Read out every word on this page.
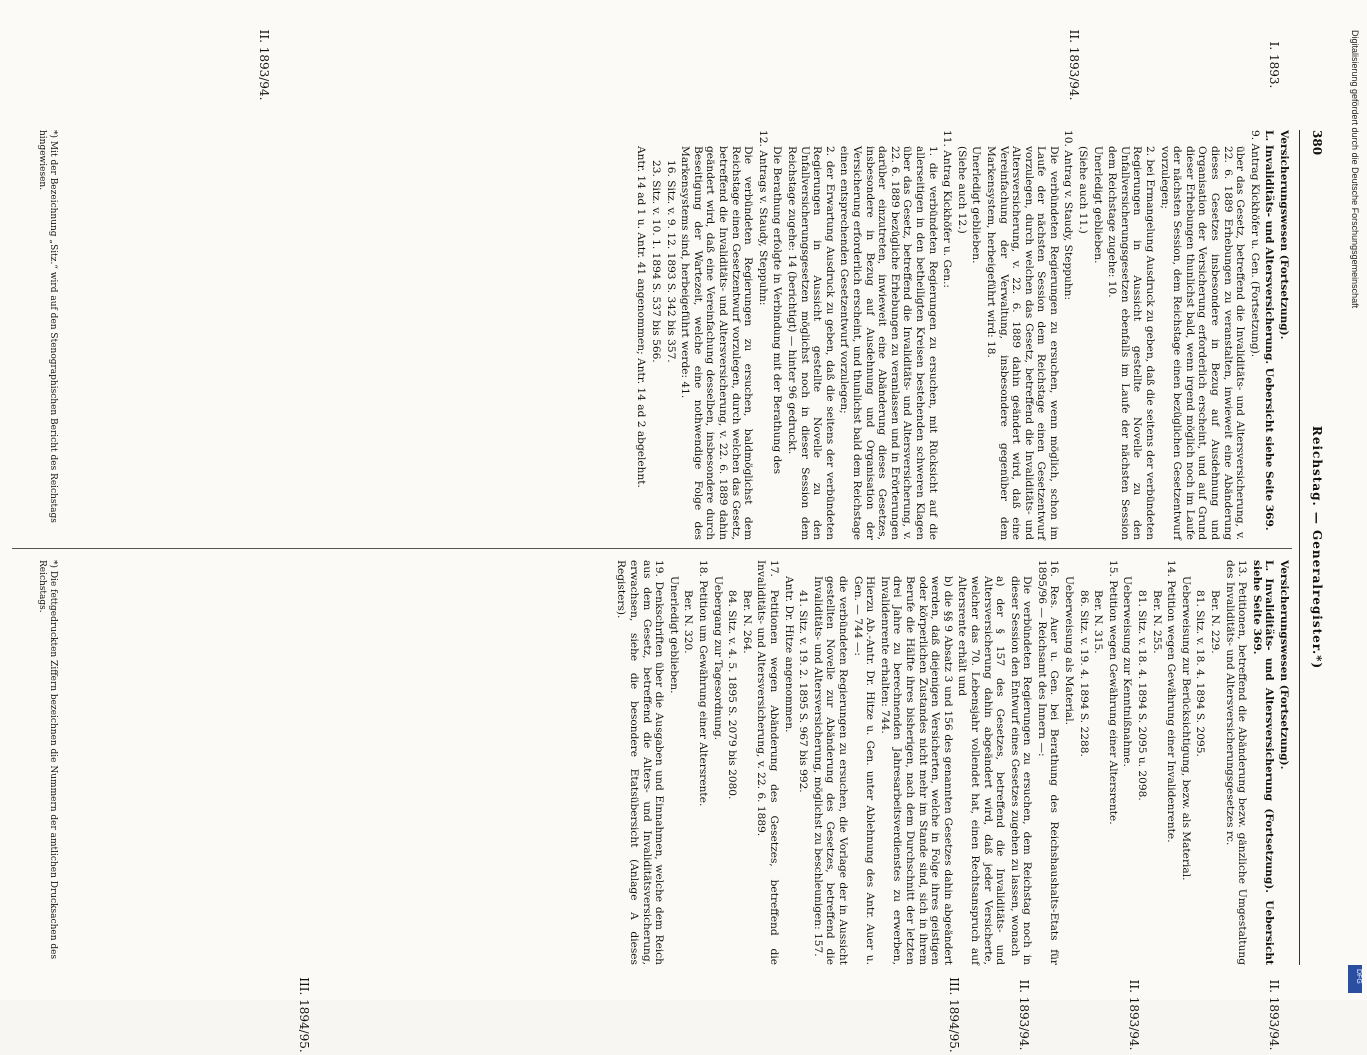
380
Reichstag. — Generalregister.*)
I. 1893.
II. 1893/94.
II. 1893/94.

Versicherungswesen (Fortsetzung).

L. Invaliditäts- und Altersversicherung. Uebersicht siehe Seite 369.

9. Antrag Kickhöfer u. Gen. (Fortsetzung).

über das Gesetz, betreffend die Invaliditäts- und Altersversicherung, v. 22. 6. 1889 Erhebungen zu veranstalten, inwieweit eine Abänderung dieses Gesetzes insbesondere in Bezug auf Ausdehnung und Organisation der Versicherung erforderlich erscheint, und auf Grund dieser Erhebungen thunlichst bald, wenn irgend möglich noch im Laufe der nächsten Session, dem Reichstage einen bezüglichen Gesetzentwurf vorzulegen;

2. bei Ermangelung Ausdruck zu geben, daß die seitens der verbündeten Regierungen in Aussicht gestellte Novelle zu den Unfallversicherungsgesetzen ebenfalls im Laufe der nächsten Session dem Reichstage zugehe: 10.

Unerledigt geblieben.

(Siehe auch 11.)

10. Antrag v. Staudy, Steppuhn:

Die verbündeten Regierungen zu ersuchen, wenn möglich, schon im Laufe der nächsten Session dem Reichstage einen Gesetzentwurf vorzulegen, durch welchen das Gesetz, betreffend die Invaliditäts- und Altersversicherung, v. 22. 6. 1889 dahin geändert wird, daß eine Vereinfachung der Verwaltung, insbesondere gegenüber dem Markensystem, herbeigeführt wird: 18.

Unerledigt geblieben.

(Siehe auch 12.)

11. Antrag Kickhöfer u. Gen.:

1. die verbündeten Regierungen zu ersuchen, mit Rücksicht auf die allerseitigen in den betheiligten Kreisen bestehenden schweren Klagen über das Gesetz, betreffend die Invaliditäts- und Altersversicherung, v. 22. 6. 1889 bezügliche Erhebungen zu veranlassen und in Erörterungen darüber einzutreten, inwieweit eine Abänderung dieses Gesetzes, insbesondere in Bezug auf Ausdehnung und Organisation der Versicherung erforderlich erscheint, und thunlichst bald dem Reichstage einen entsprechenden Gesetzentwurf vorzulegen;

2. der Erwartung Ausdruck zu geben, daß die seitens der verbündeten Regierungen in Aussicht gestellte Novelle zu den Unfallversicherungsgesetzen möglichst noch in dieser Session dem Reichstage zugehe: 14 (berichtigt) — hinter 96 gedruckt.

Die Berathung erfolgte in Verbindung mit der Berathung des

12. Antrags v. Staudy, Steppuhn:

Die verbündeten Regierungen zu ersuchen, baldmöglichst dem Reichstage einen Gesetzentwurf vorzulegen, durch welchen das Gesetz, betreffend die Invaliditäts- und Altersversicherung, v. 22. 6. 1889 dahin geändert wird, daß eine Vereinfachung desselben, insbesondere durch Beseitigung der Wartezeit, welche eine nothwendige Folge des Markensystems sind, herbeigeführt werde: 41.

16. Sitz. v. 9. 12. 1893 S. 342 bis 357.

23. Sitz. v. 10. 1. 1894 S. 537 bis 566.

Antr. 14 ad 1 u. Antr. 41 angenommen; Antr. 14 ad 2 abgelehnt.

Versicherungswesen (Fortsetzung).

L. Invaliditäts- und Altersversicherung (Fortsetzung). Uebersicht siehe Seite 369.

13. Petitionen, betreffend die Abänderung bezw. gänzliche Umgestaltung des Invaliditäts- und Altersversicherungsgesetzes rc.

Ber. N. 229.

81. Sitz. v. 18. 4. 1894 S. 2095.

Ueberweisung zur Berücksichtigung, bezw. als Material.

14. Petition wegen Gewährung einer Invalidenrente.

Ber. N. 255.

81. Sitz. v. 18. 4. 1894 S. 2095 u. 2098.

Ueberweisung zur Kenntnißnahme.

15. Petition wegen Gewährung einer Altersrente.

Ber. N. 315.

86. Sitz. v. 19. 4. 1894 S. 2288.

Ueberweisung als Material.

16. Res. Auer u. Gen. bei Berathung des Reichshaushalts-Etats für 1895/96 — Reichsamt des Innern —:

Die verbündeten Regierungen zu ersuchen, dem Reichstag noch in dieser Session den Entwurf eines Gesetzes zugehen zu lassen, wonach

a) der § 157 des Gesetzes, betreffend die Invaliditäts- und Altersversicherung dahin abgeändert wird, daß jeder Versicherte, welcher das 70. Lebensjahr vollendet hat, einen Rechtsanspruch auf Altersrente erhält und

b) die §§ 9 Absatz 3 und 156 des genannten Gesetzes dahin abgeändert werden, daß diejenigen Versicherten, welche in Folge ihres geistigen oder körperlichen Zustandes nicht mehr im Stande sind, sich in ihrem Berufe die Hälfte ihres bisherigen, nach dem Durchschnitt der letzten drei Jahre zu berechnenden Jahresarbeitsverdienstes zu erwerben, Invalidenrente erhalten: 744.

Hierzu Ab.-Antr. Dr. Hitze u. Gen. unter Ablehnung des Antr. Auer u. Gen. — 744 —:

die verbündeten Regierungen zu ersuchen, die Vorlage der in Aussicht gestellten Novelle zur Abänderung des Gesetzes, betreffend die Invaliditäts- und Altersversicherung, möglichst zu beschleunigen: 157.

41. Sitz. v. 19. 2. 1895 S. 967 bis 992.

Antr. Dr. Hitze angenommen.

17. Petitionen wegen Abänderung des Gesetzes, betreffend die Invaliditäts- und Altersversicherung, v. 22. 6. 1889.

Ber. N. 264.

84. Sitz. v. 4. 5. 1895 S. 2079 bis 2080.

Uebergang zur Tagesordnung.

18. Petition um Gewährung einer Altersrente.

Ber. N. 320.

Unerledigt geblieben.

19. Denkschriften über die Ausgaben und Einnahmen, welche dem Reich aus dem Gesetz, betreffend die Alters- und Invaliditätsversicherung, erwachsen, siehe die besondere Etatsübersicht (Anlage A dieses Registers).

II. 1893/94.
II. 1893/94.
II. 1893/94.
III. 1894/95.
III. 1894/95.
*) Mit der Bezeichnung „Sitz.“ wird auf den Stenographischen Bericht des Reichstags hingewiesen.
*) Die fettgedruckten Ziffern bezeichnen die Nummern der amtlichen Drucksachen des Reichstags.
Digitalisierung gefördert durch die Deutsche Forschungsgemeinschaft
DFG
